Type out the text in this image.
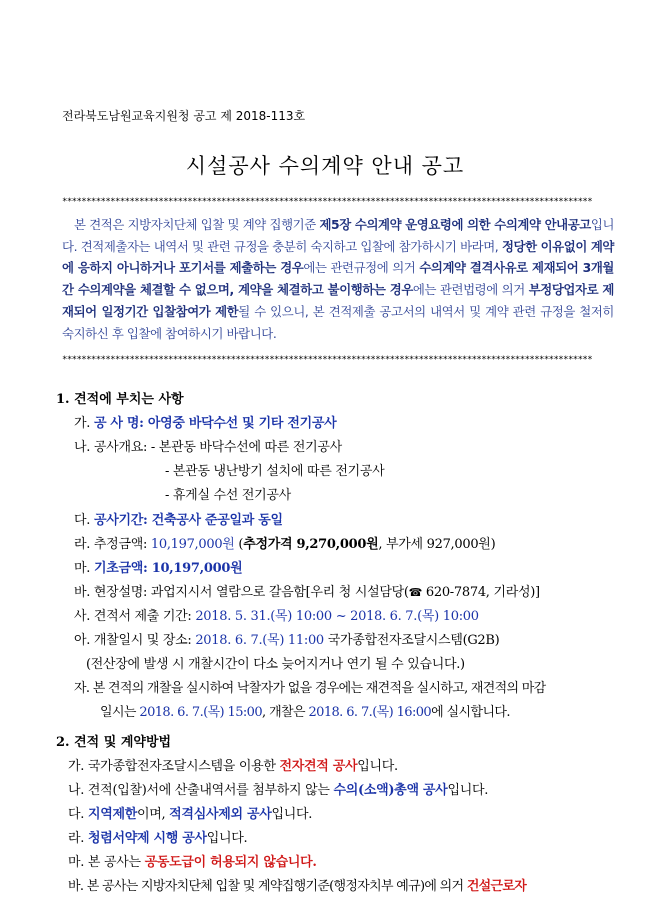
전라북도남원교육지원청 공고 제 2018-113호
시설공사 수의계약 안내 공고
**************************************************************************************************************
본 견적은 지방자치단체 입찰 및 계약 집행기준 제5장 수의계약 운영요령에 의한 수의계약 안내공고입니다. 견적제출자는 내역서 및 관련 규정을 충분히 숙지하고 입찰에 참가하시기 바라며, 정당한 이유없이 계약에 응하지 아니하거나 포기서를 제출하는 경우에는 관련규정에 의거 수의계약 결격사유로 제재되어 3개월간 수의계약을 체결할 수 없으며, 계약을 체결하고 불이행하는 경우에는 관련법령에 의거 부정당업자로 제재되어 일정기간 입찰참여가 제한될 수 있으니, 본 견적제출 공고서의 내역서 및 계약 관련 규정을 철저히 숙지하신 후 입찰에 참여하시기 바랍니다.
**************************************************************************************************************
1. 견적에 부치는 사항
가. 공 사 명: 아영중 바닥수선 및 기타 전기공사
나. 공사개요: - 본관동 바닥수선에 따른 전기공사
- 본관동 냉난방기 설치에 따른 전기공사
- 휴게실 수선 전기공사
다. 공사기간: 건축공사 준공일과 동일
라. 추정금액: 10,197,000원 (추정가격 9,270,000원, 부가세 927,000원)
마. 기초금액: 10,197,000원
바. 현장설명: 과업지시서 열람으로 갈음함[우리 청 시설담당(☎ 620-7874, 기라성)]
사. 견적서 제출 기간: 2018. 5. 31.(목) 10:00 ~ 2018. 6. 7.(목) 10:00
아. 개찰일시 및 장소: 2018. 6. 7.(목) 11:00 국가종합전자조달시스템(G2B)
(전산장에 발생 시 개찰시간이 다소 늦어지거나 연기 될 수 있습니다.)
자. 본 견적의 개찰을 실시하여 낙찰자가 없을 경우에는 재견적을 실시하고, 재견적의 마감
일시는 2018. 6. 7.(목) 15:00, 개찰은 2018. 6. 7.(목) 16:00에 실시합니다.
2. 견적 및 계약방법
가. 국가종합전자조달시스템을 이용한 전자견적 공사입니다.
나. 견적(입찰)서에 산출내역서를 첨부하지 않는 수의(소액)총액 공사입니다.
다. 지역제한이며, 적격심사제외 공사입니다.
라. 청렴서약제 시행 공사입니다.
마. 본 공사는 공동도급이 허용되지 않습니다.
바. 본 공사는 지방자치단체 입찰 및 계약집행기준(행정자치부 예규)에 의거 건설근로자
